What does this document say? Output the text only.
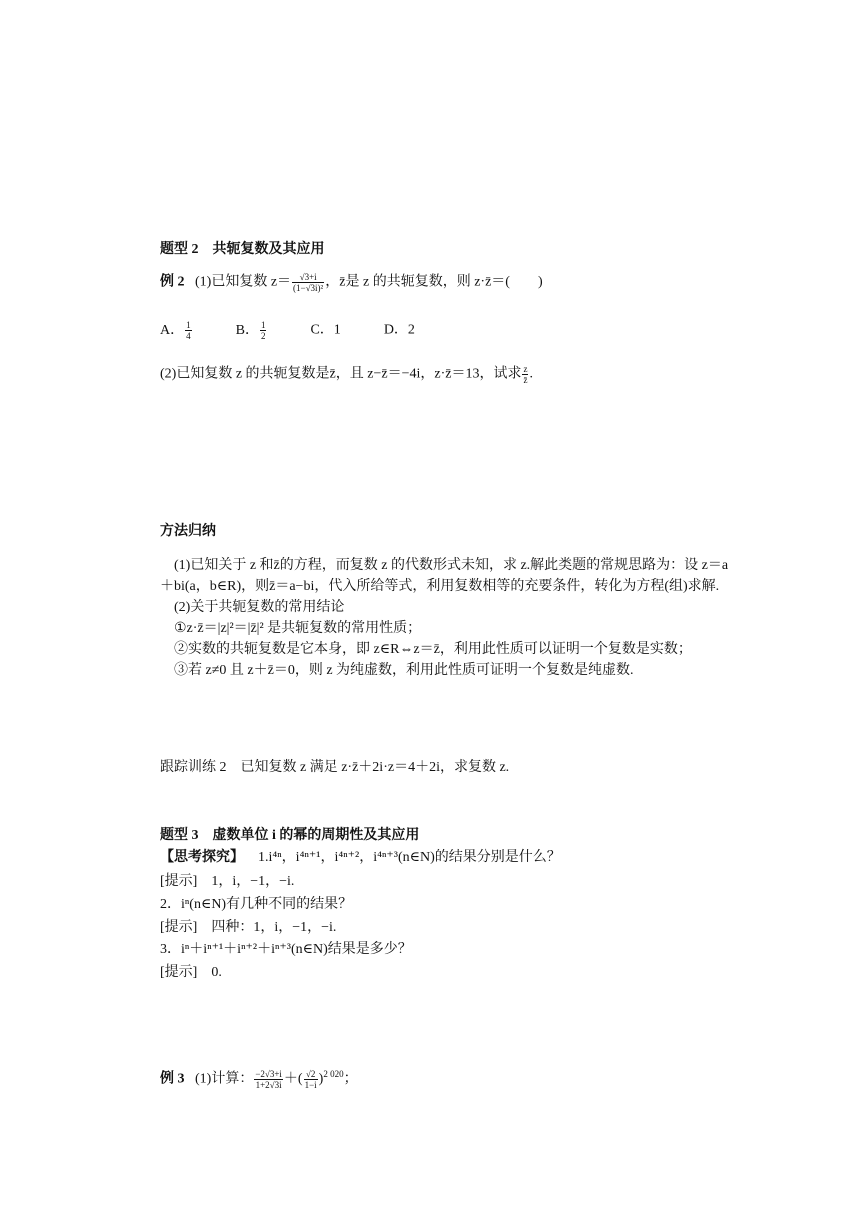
题型 2　共轭复数及其应用
例 2 (1)已知复数 $z= \frac{√3+i}{\text{(1−√3i)²}}$ ，z̄是 z 的共轭复数，则 z·z̄＝(　　)
A． $\frac{1}{4}$	B． $\frac{1}{2}$	C．1	D．2
(2)已知复数 z 的共轭复数是z̄，且 z−z̄＝−4i，z·z̄＝13，试求 $\frac{z}{z̄}$ .
方法归纳

(1)已知关于 z 和z̄的方程，而复数 z 的代数形式未知，求 z.解此类题的常规思路为：设 z＝a＋bi(a，b∈R)，则z̄＝a−bi，代入所给等式，利用复数相等的充要条件，转化为方程(组)求解.

(2)关于共轭复数的常用结论

①z·z̄＝|z|²＝|z̄|² 是共轭复数的常用性质；

②实数的共轭复数是它本身，即 z∈R⇔z＝z̄，利用此性质可以证明一个复数是实数；

③若 z≠0 且 z＋z̄＝0，则 z 为纯虚数，利用此性质可证明一个复数是纯虚数.

跟踪训练 2　已知复数 z 满足 z·z̄＋2i·z＝4＋2i，求复数 z.
题型 3　虚数单位 i 的幂的周期性及其应用
【思考探究】 1.i⁴ⁿ，i⁴ⁿ⁺¹，i⁴ⁿ⁺²，i⁴ⁿ⁺³(n∈N)的结果分别是什么？
[提示]　1，i，−1，−i.
2．iⁿ(n∈N)有几种不同的结果？
[提示]　四种：1，i，−1，−i.
3．iⁿ＋iⁿ⁺¹＋iⁿ⁺²＋iⁿ⁺³(n∈N)结果是多少？
[提示]　0.
例 3 (1)计算： $\frac{-2√3+i}{1+2√3i}$ ＋( $\frac{√2}{1-i} )^{2 020}$；
